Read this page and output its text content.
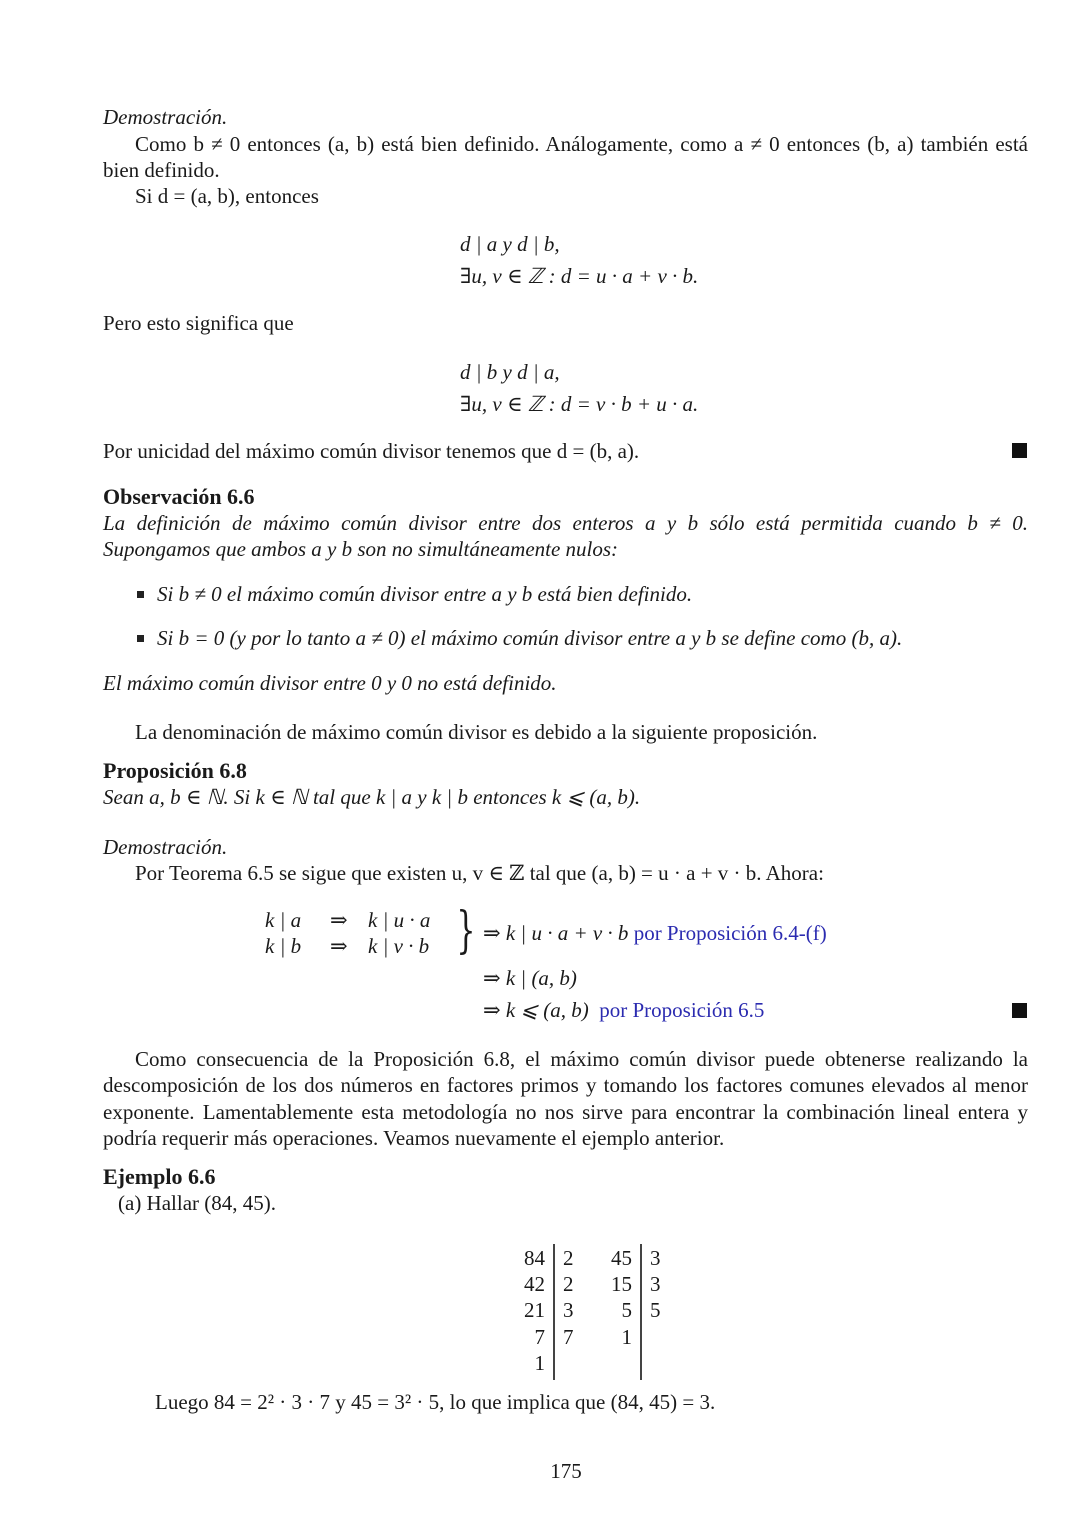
Demostración.
Como b ≠ 0 entonces (a, b) está bien definido. Análogamente, como a ≠ 0 entonces (b, a) también está bien definido.
Si d = (a, b), entonces
d | a y d | b,
∃u, v ∈ ℤ : d = u · a + v · b.
Pero esto significa que
d | b y d | a,
∃u, v ∈ ℤ : d = v · b + u · a.
Por unicidad del máximo común divisor tenemos que d = (b, a).
Observación 6.6
La definición de máximo común divisor entre dos enteros a y b sólo está permitida cuando b ≠ 0. Supongamos que ambos a y b son no simultáneamente nulos:
Si b ≠ 0 el máximo común divisor entre a y b está bien definido.
Si b = 0 (y por lo tanto a ≠ 0) el máximo común divisor entre a y b se define como (b, a).
El máximo común divisor entre 0 y 0 no está definido.
La denominación de máximo común divisor es debido a la siguiente proposición.
Proposición 6.8
Sean a, b ∈ ℕ. Si k ∈ ℕ tal que k | a y k | b entonces k ⩽ (a, b).
Demostración.
Por Teorema 6.5 se sigue que existen u, v ∈ ℤ tal que (a, b) = u · a + v · b. Ahora:
k | a ⇒ k | u · a
k | b ⇒ k | v · b } ⇒ k | u · a + v · b por Proposición 6.4-(f)
⇒ k | (a, b)
⇒ k ⩽ (a, b) por Proposición 6.5
Como consecuencia de la Proposición 6.8, el máximo común divisor puede obtenerse realizando la descomposición de los dos números en factores primos y tomando los factores comunes elevados al menor exponente. Lamentablemente esta metodología no nos sirve para encontrar la combinación lineal entera y podría requerir más operaciones. Veamos nuevamente el ejemplo anterior.
Ejemplo 6.6
(a) Hallar (84, 45).
84
42
21
7
1
2
2
3
7
45
15
5
1
3
3
5
Luego 84 = 2² · 3 · 7 y 45 = 3² · 5, lo que implica que (84, 45) = 3.
175
